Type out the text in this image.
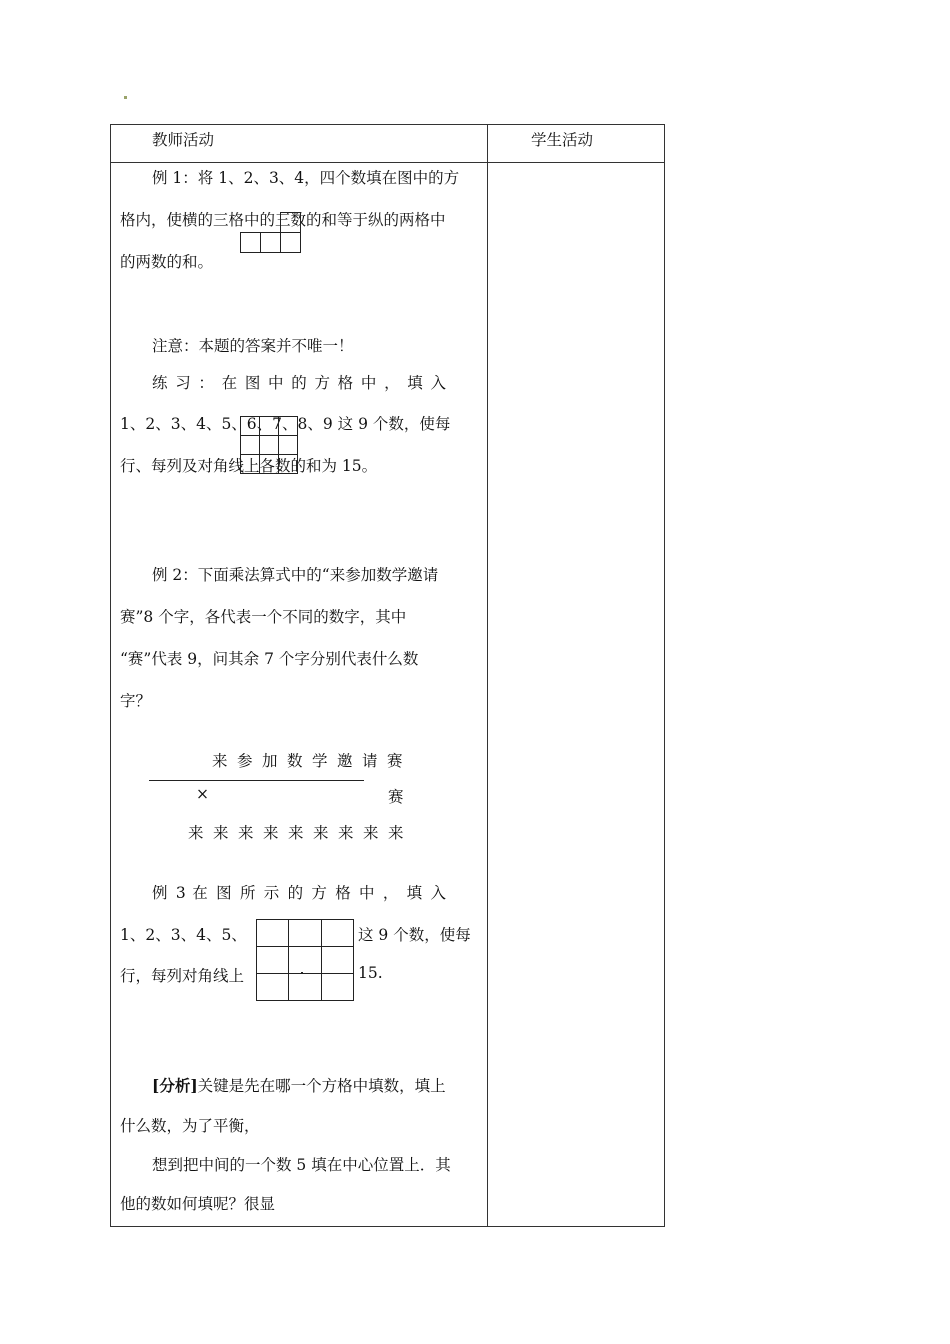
教师活动	学生活动
例 1：将 1、2、3、4，四个数填在图中的方
格内，使横的三格中的三数的和等于纵的两格中
的两数的和。

注意：本题的答案并不唯一！
练 习 ： 在 图 中 的 方 格 中 ， 填 入
1、2、3、4、5、6、7、8、9 这 9 个数，使每
行、每列及对角线上各数的和为 15。

例 2：下面乘法算式中的“来参加数学邀请
赛”8 个字，各代表一个不同的数字，其中
“赛”代表 9，问其余 7 个字分别代表什么数
字？
来参加数学邀请赛
×	赛
来来来来来来来来来
例 3 在 图 所 示 的 方 格 中 ， 填 入
1、2、3、4、5、	这 9 个数，使每
行，每列对角线上	15.

[分析]关键是先在哪一个方格中填数，填上
什么数，为了平衡，
想到把中间的一个数 5 填在中心位置上．其
他的数如何填呢？很显
